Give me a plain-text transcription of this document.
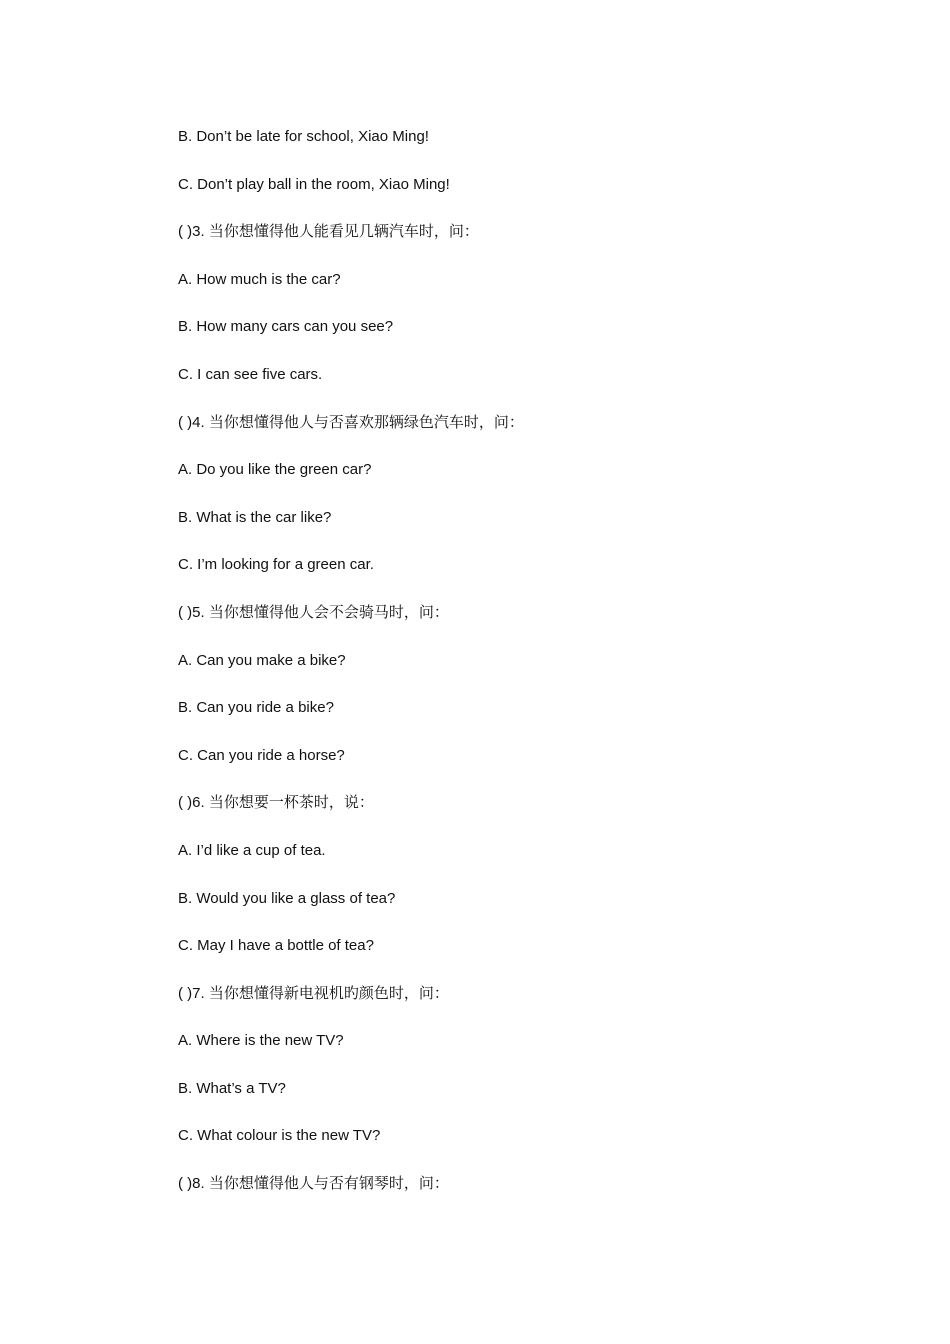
B. Don’t be late for school, Xiao Ming!

C. Don’t play ball in the room, Xiao Ming!

( )3. 当你想懂得他人能看见几辆汽车时，问：

A. How much is the car?

B. How many cars can you see?

C. I can see five cars.

( )4. 当你想懂得他人与否喜欢那辆绿色汽车时，问：

A. Do you like the green car?

B. What is the car like?

C. I’m looking for a green car.

( )5. 当你想懂得他人会不会骑马时，问：

A. Can you make a bike?

B. Can you ride a bike?

C. Can you ride a horse?

( )6. 当你想要一杯茶时，说：

A. I’d like a cup of tea.

B. Would you like a glass of tea?

C. May I have a bottle of tea?

( )7. 当你想懂得新电视机旳颜色时，问：

A. Where is the new TV?

B. What’s a TV?

C. What colour is the new TV?

( )8. 当你想懂得他人与否有钢琴时，问：
